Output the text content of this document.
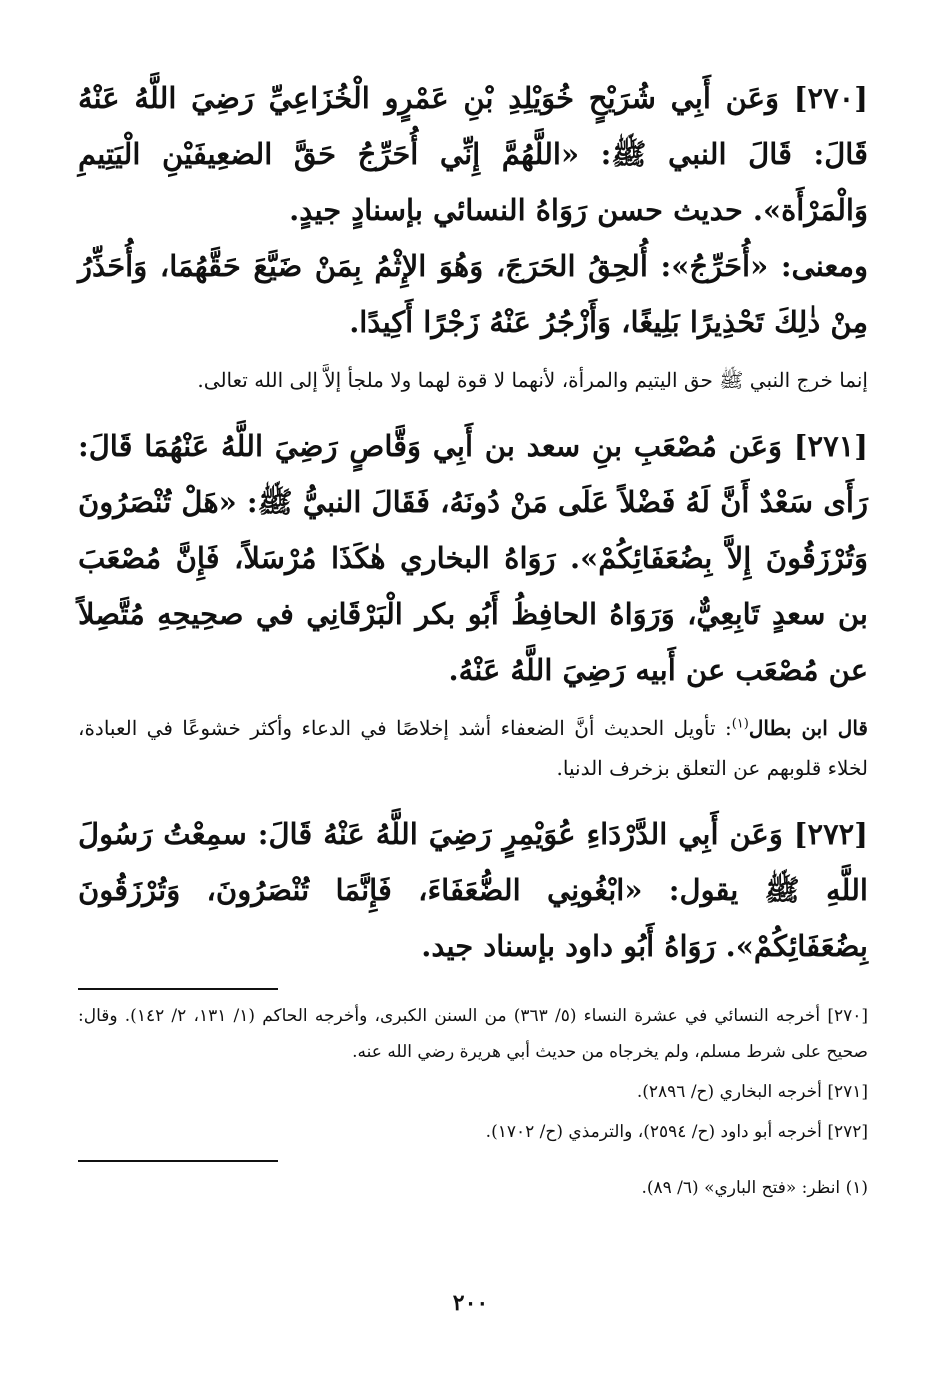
[٢٧٠] وَعَن أَبِي شُرَيْحٍ خُوَيْلِدِ بْنِ عَمْرٍو الْخُزَاعِيِّ رَضِيَ اللَّهُ عَنْهُ قَالَ: قَالَ النبي ﷺ: «اللَّهُمَّ إِنِّي أُحَرِّجُ حَقَّ الضعِيفَيْنِ الْيَتِيمِ وَالْمَرْأَة». حديث حسن رَوَاهُ النسائي بإسنادٍ جيدٍ.

ومعنى: «أُحَرِّجُ»: أُلحِقُ الحَرَجَ، وَهُوَ الإِثْمُ بِمَنْ ضَيَّعَ حَقَّهُمَا، وَأُحَذِّرُ مِنْ ذٰلِكَ تَحْذِيرًا بَلِيغًا، وَأَزْجُرُ عَنْهُ زَجْرًا أَكِيدًا.

إنما خرج النبي ﷺ حق اليتيم والمرأة، لأنهما لا قوة لهما ولا ملجأ إلاَّ إلى الله تعالى.

[٢٧١] وَعَن مُصْعَبِ بنِ سعد بن أَبِي وَقَّاصٍ رَضِيَ اللَّهُ عَنْهُمَا قَالَ: رَأَى سَعْدٌ أَنَّ لَهُ فَضْلاً عَلَى مَنْ دُونَهُ، فَقَالَ النبيُّ ﷺ: «هَلْ تُنْصَرُونَ وَتُرْزَقُونَ إِلاَّ بِضُعَفَائِكُمْ». رَوَاهُ البخاري هٰكَذَا مُرْسَلاً، فَإِنَّ مُصْعَبَ بن سعدٍ تَابِعِيٌّ، وَرَوَاهُ الحافِظُ أَبُو بكر الْبَرْقَانِي في صحِيحِهِ مُتَّصِلاً عن مُصْعَب عن أَبيه رَضِيَ اللَّهُ عَنْهُ.

قال ابن بطال$^{(١)}$: تأويل الحديث أنَّ الضعفاء أشد إخلاصًا في الدعاء وأكثر خشوعًا في العبادة، لخلاء قلوبهم عن التعلق بزخرف الدنيا.

[٢٧٢] وَعَن أَبِي الدَّرْدَاءِ عُوَيْمِرٍ رَضِيَ اللَّهُ عَنْهُ قَالَ: سمِعْتُ رَسُولَ اللَّهِ ﷺ يقول: «ابْغُونِي الضُّعَفَاءَ، فَإِنَّمَا تُنْصَرُونَ، وَتُرْزَقُونَ بِضُعَفَائِكُمْ». رَوَاهُ أَبُو داود بإسناد جيد.

[٢٧٠] أخرجه النسائي في عشرة النساء (٥/ ٣٦٣) من السنن الكبرى، وأخرجه الحاكم (١/ ١٣١، ٢/ ١٤٢). وقال: صحيح على شرط مسلم، ولم يخرجاه من حديث أبي هريرة رضي الله عنه.

[٢٧١] أخرجه البخاري (ح/ ٢٨٩٦).

[٢٧٢] أخرجه أبو داود (ح/ ٢٥٩٤)، والترمذي (ح/ ١٧٠٢).

(١) انظر: «فتح الباري» (٦/ ٨٩).

٢٠٠
